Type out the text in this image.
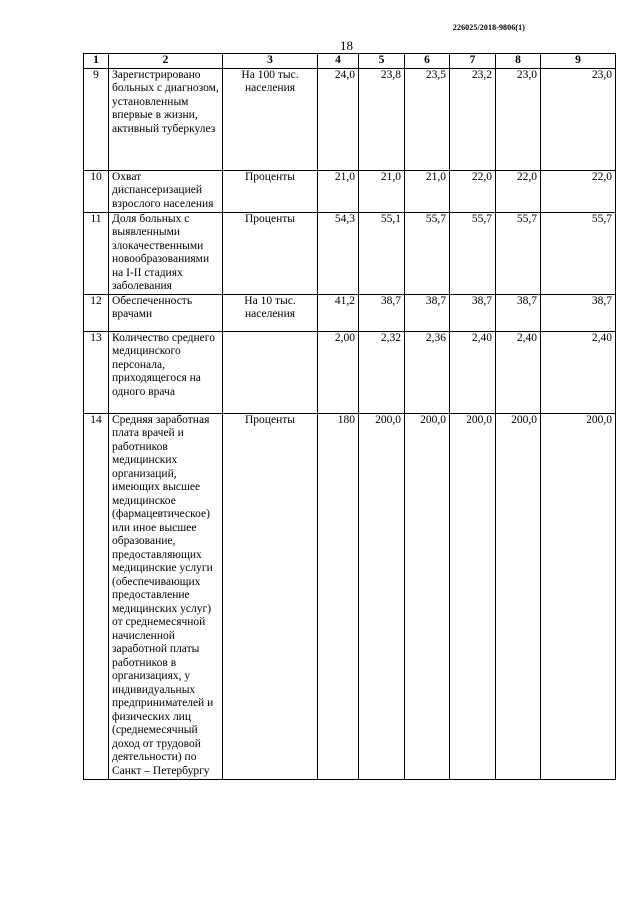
226025/2018-9806(1)
18
1	2	3	4	5	6	7	8	9
9	Зарегистрировано больных с диагнозом, установленным впервые в жизни, активный туберкулез	На 100 тыс. населения	24,0	23,8	23,5	23,2	23,0	23,0
10	Охват диспансеризацией взрослого населения	Проценты	21,0	21,0	21,0	22,0	22,0	22,0
11	Доля больных с выявленными злокачественными новообразованиями на I-II стадиях заболевания	Проценты	54,3	55,1	55,7	55,7	55,7	55,7
12	Обеспеченность врачами	На 10 тыс. населения	41,2	38,7	38,7	38,7	38,7	38,7
13	Количество среднего медицинского персонала, приходящегося на одного врача		2,00	2,32	2,36	2,40	2,40	2,40
14	Средняя заработная плата врачей и работников медицинских организаций, имеющих высшее медицинское (фармацевтическое) или иное высшее образование, предоставляющих медицинские услуги (обеспечивающих предоставление медицинских услуг) от среднемесячной начисленной заработной платы работников в организациях, у индивидуальных предпринимателей и физических лиц (среднемесячный доход от трудовой деятельности) по Санкт – Петербургу	Проценты	180	200,0	200,0	200,0	200,0	200,0
